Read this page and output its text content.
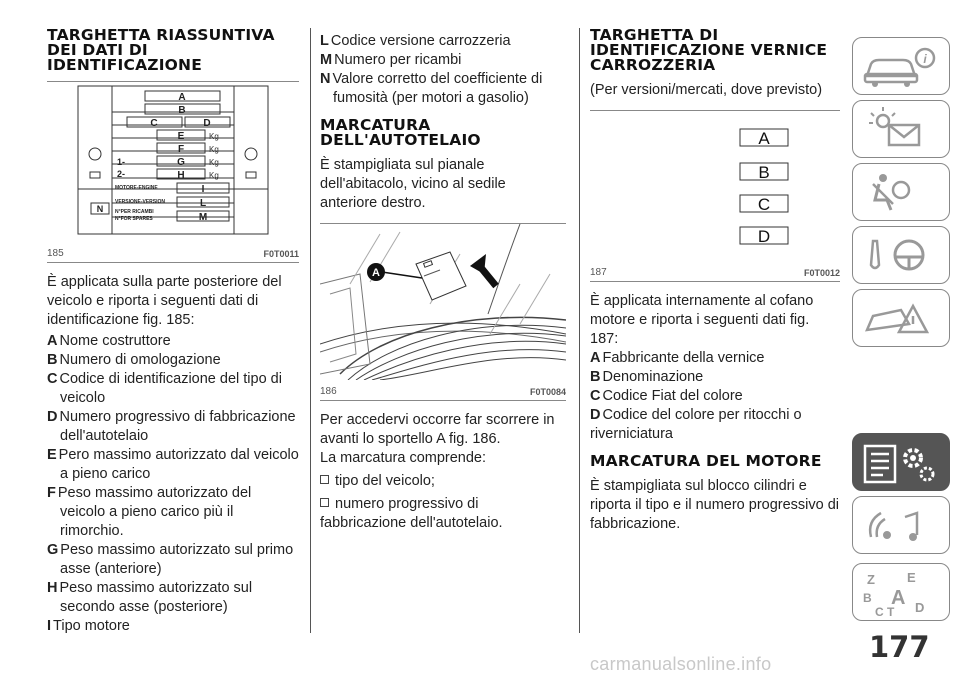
TARGHETTA RIASSUNTIVA DEI DATI DI IDENTIFICAZIONE
A
B
C	D
E
F
G
H
I
L
M
N
Kg
Kg
Kg
Kg
1-
2-
MOTORE-ENGINE
VERSIONE-VERSION
N°PER RICAMBI
N°FOR SPARES
185	F0T0011
È applicata sulla parte posteriore del veicolo e riporta i seguenti dati di identificazione fig. 185:
A Nome costruttore
B Numero di omologazione
C Codice di identificazione del tipo di veicolo
D Numero progressivo di fabbricazione dell'autotelaio
E Pero massimo autorizzato dal veicolo a pieno carico
F Peso massimo autorizzato del veicolo a pieno carico più il rimorchio.
G Peso massimo autorizzato sul primo asse (anteriore)
H Peso massimo autorizzato sul secondo asse (posteriore)
I Tipo motore
L Codice versione carrozzeria
M Numero per ricambi
N Valore corretto del coefficiente di fumosità (per motori a gasolio)
MARCATURA DELL'AUTOTELAIO
È stampigliata sul pianale dell'abitacolo, vicino al sedile anteriore destro.
A
186	F0T0084
Per accedervi occorre far scorrere in avanti lo sportello A fig. 186.
La marcatura comprende:
tipo del veicolo;
numero progressivo di fabbricazione dell'autotelaio.
TARGHETTA DI IDENTIFICAZIONE VERNICE CARROZZERIA
(Per versioni/mercati, dove previsto)
A
B
C
D
187	F0T0012
È applicata internamente al cofano motore e riporta i seguenti dati fig. 187:
A Fabbricante della vernice
B Denominazione
C Codice Fiat del colore
D Codice del colore per ritocchi o riverniciatura
MARCATURA DEL MOTORE
È stampigliata sul blocco cilindri e riporta il tipo e il numero progressivo di fabbricazione.
i
Z E
B A
C T D
177
carmanualsonline.info
